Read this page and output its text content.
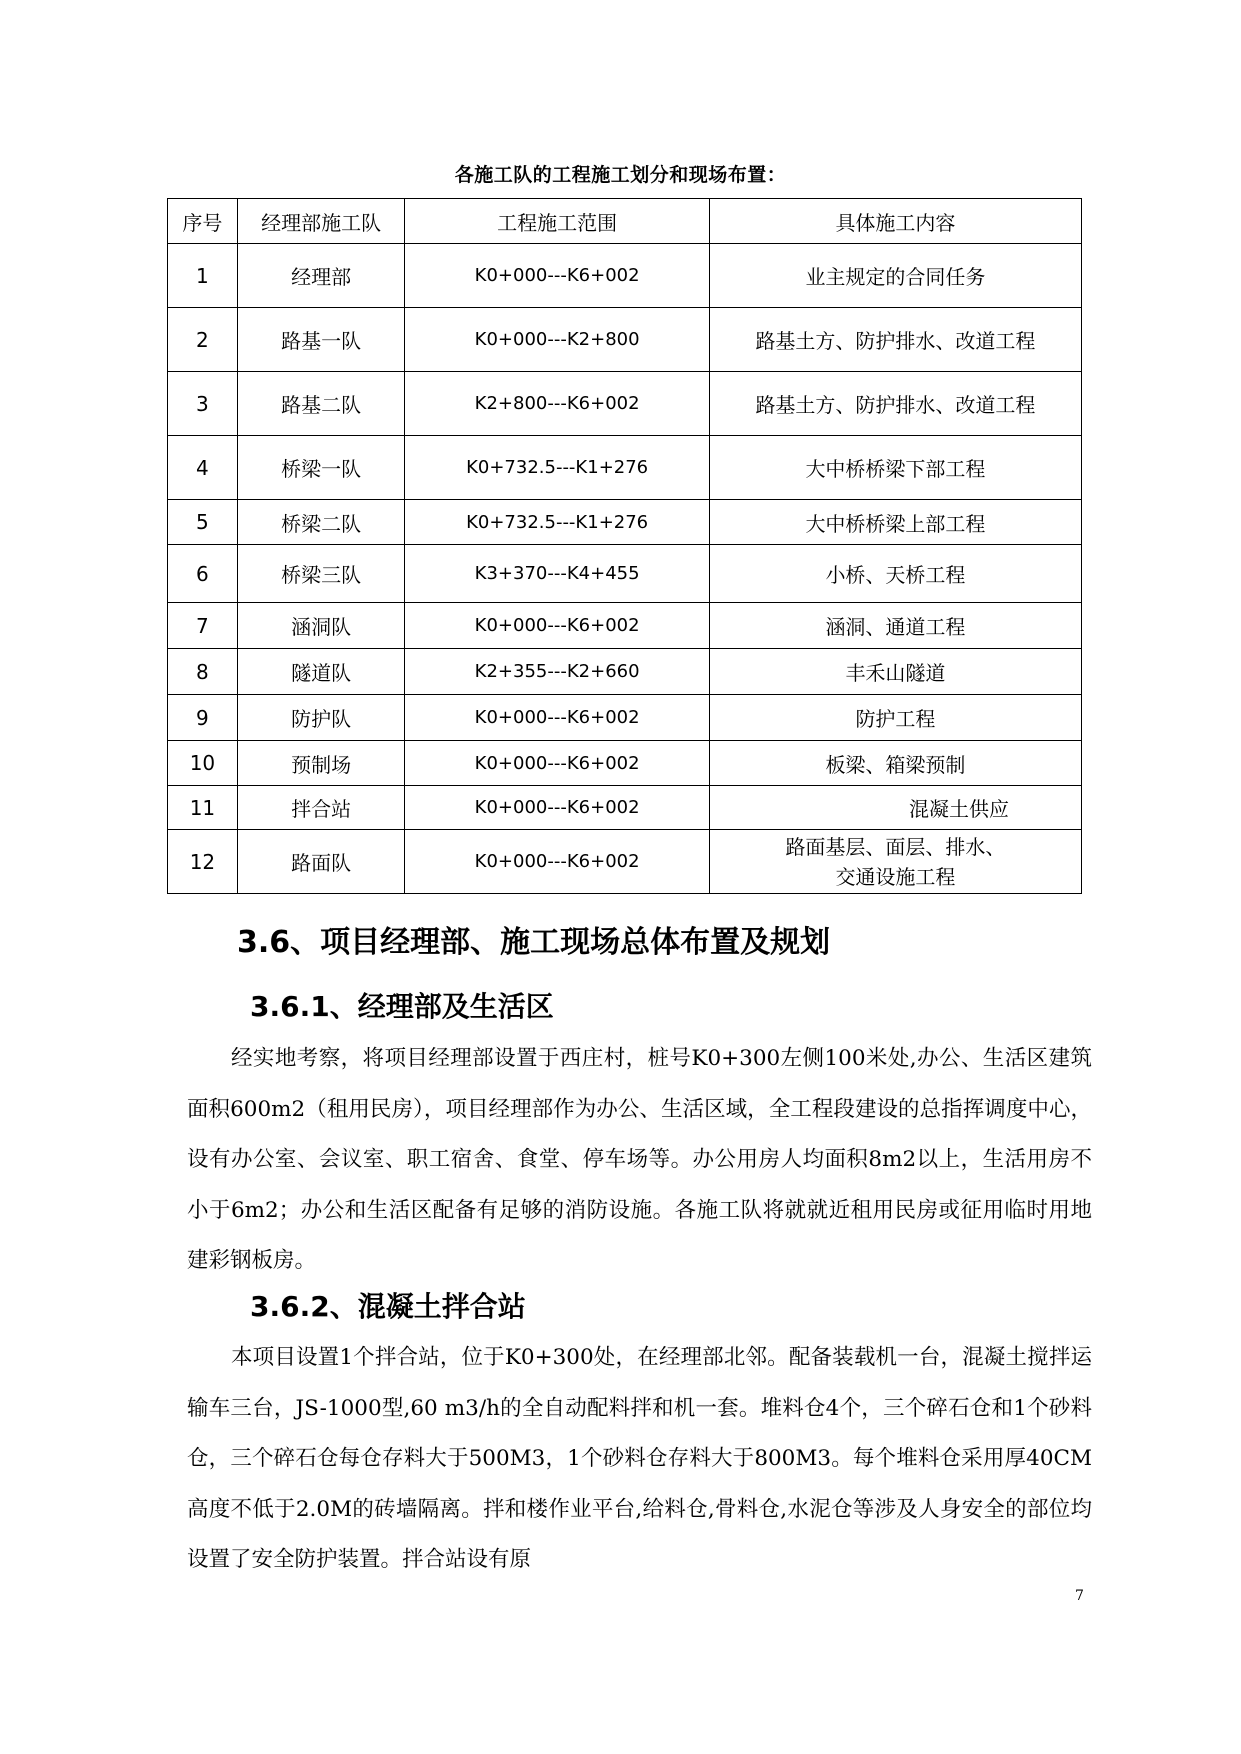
各施工队的工程施工划分和现场布置：
序号	经理部施工队	工程施工范围	具体施工内容
1	经理部	K0+000---K6+002	业主规定的合同任务
2	路基一队	K0+000---K2+800	路基土方、防护排水、改道工程
3	路基二队	K2+800---K6+002	路基土方、防护排水、改道工程
4	桥梁一队	K0+732.5---K1+276	大中桥桥梁下部工程
5	桥梁二队	K0+732.5---K1+276	大中桥桥梁上部工程
6	桥梁三队	K3+370---K4+455	小桥、天桥工程
7	涵洞队	K0+000---K6+002	涵洞、通道工程
8	隧道队	K2+355---K2+660	丰禾山隧道
9	防护队	K0+000---K6+002	防护工程
10	预制场	K0+000---K6+002	板梁、箱梁预制
11	拌合站	K0+000---K6+002	混凝土供应
12	路面队	K0+000---K6+002	路面基层、面层、排水、
交通设施工程
3.6、项目经理部、施工现场总体布置及规划
3.6.1、经理部及生活区

经实地考察，将项目经理部设置于西庄村，桩号K0+300左侧100米处,办公、生活区建筑面积600m2（租用民房），项目经理部作为办公、生活区域，全工程段建设的总指挥调度中心，设有办公室、会议室、职工宿舍、食堂、停车场等。办公用房人均面积8m2以上，生活用房不小于6m2；办公和生活区配备有足够的消防设施。各施工队将就就近租用民房或征用临时用地建彩钢板房。

3.6.2、混凝土拌合站

本项目设置1个拌合站，位于K0+300处，在经理部北邻。配备装载机一台，混凝土搅拌运输车三台，JS-1000型,60 m3/h的全自动配料拌和机一套。堆料仓4个，三个碎石仓和1个砂料仓，三个碎石仓每仓存料大于500M3，1个砂料仓存料大于800M3。每个堆料仓采用厚40CM高度不低于2.0M的砖墙隔离。拌和楼作业平台,给料仓,骨料仓,水泥仓等涉及人身安全的部位均设置了安全防护装置。拌合站设有原

7
